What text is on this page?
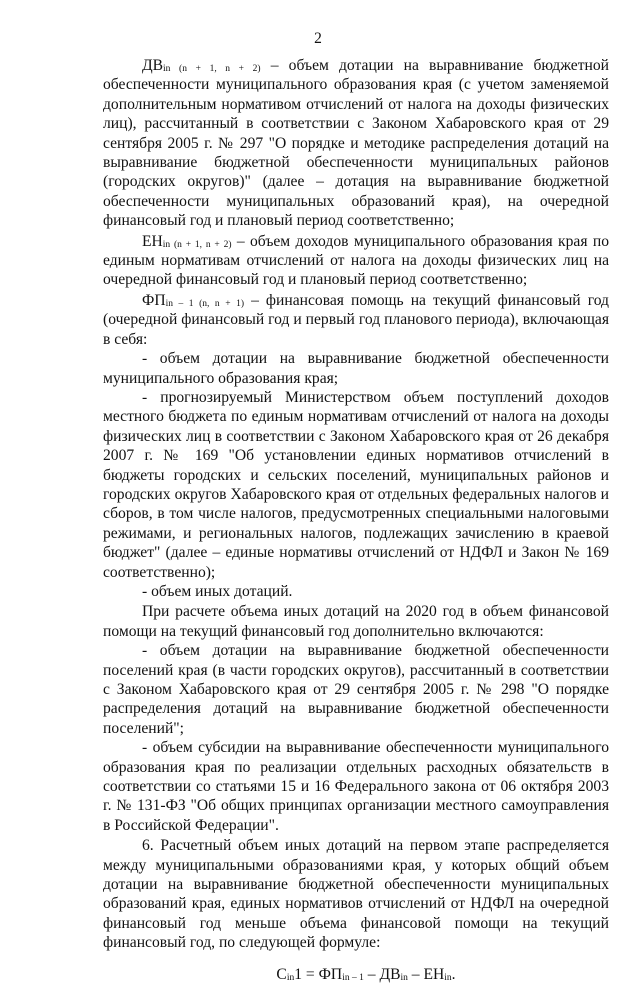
2

$ДВ_{in (n + 1, n + 2)}$ – объем дотации на выравнивание бюджетной обеспеченности муниципального образования края (с учетом заменяемой дополнительным нормативом отчислений от налога на доходы физических лиц), рассчитанный в соответствии с Законом Хабаровского края от 29 сентября 2005 г. № 297 "О порядке и методике распределения дотаций на выравнивание бюджетной обеспеченности муниципальных районов (городских округов)" (далее – дотация на выравнивание бюджетной обеспеченности муниципальных образований края), на очередной финансовый год и плановый период соответственно;

$ЕН_{in (n + 1, n + 2)}$ – объем доходов муниципального образования края по единым нормативам отчислений от налога на доходы физических лиц на очередной финансовый год и плановый период соответственно;

$ФП_{in - 1 (n, n + 1)}$ – финансовая помощь на текущий финансовый год (очередной финансовый год и первый год планового периода), включающая в себя:

- объем дотации на выравнивание бюджетной обеспеченности муниципального образования края;

- прогнозируемый Министерством объем поступлений доходов местного бюджета по единым нормативам отчислений от налога на доходы физических лиц в соответствии с Законом Хабаровского края от 26 декабря 2007 г. № 169 "Об установлении единых нормативов отчислений в бюджеты городских и сельских поселений, муниципальных районов и городских округов Хабаровского края от отдельных федеральных налогов и сборов, в том числе налогов, предусмотренных специальными налоговыми режимами, и региональных налогов, подлежащих зачислению в краевой бюджет" (далее – единые нормативы отчислений от НДФЛ и Закон № 169 соответственно);

- объем иных дотаций.

При расчете объема иных дотаций на 2020 год в объем финансовой помощи на текущий финансовый год дополнительно включаются:

- объем дотации на выравнивание бюджетной обеспеченности поселений края (в части городских округов), рассчитанный в соответствии с Законом Хабаровского края от 29 сентября 2005 г. № 298 "О порядке распределения дотаций на выравнивание бюджетной обеспеченности поселений";

- объем субсидии на выравнивание обеспеченности муниципального образования края по реализации отдельных расходных обязательств в соответствии со статьями 15 и 16 Федерального закона от 06 октября 2003 г. № 131-ФЗ "Об общих принципах организации местного самоуправления в Российской Федерации".

6. Расчетный объем иных дотаций на первом этапе распределяется между муниципальными образованиями края, у которых общий объем дотации на выравнивание бюджетной обеспеченности муниципальных образований края, единых нормативов отчислений от НДФЛ на очередной финансовый год меньше объема финансовой помощи на текущий финансовый год, по следующей формуле:

$C_{in}1 = ФП_{in - 1} - ДВ_{in} - ЕН_{in}$.
